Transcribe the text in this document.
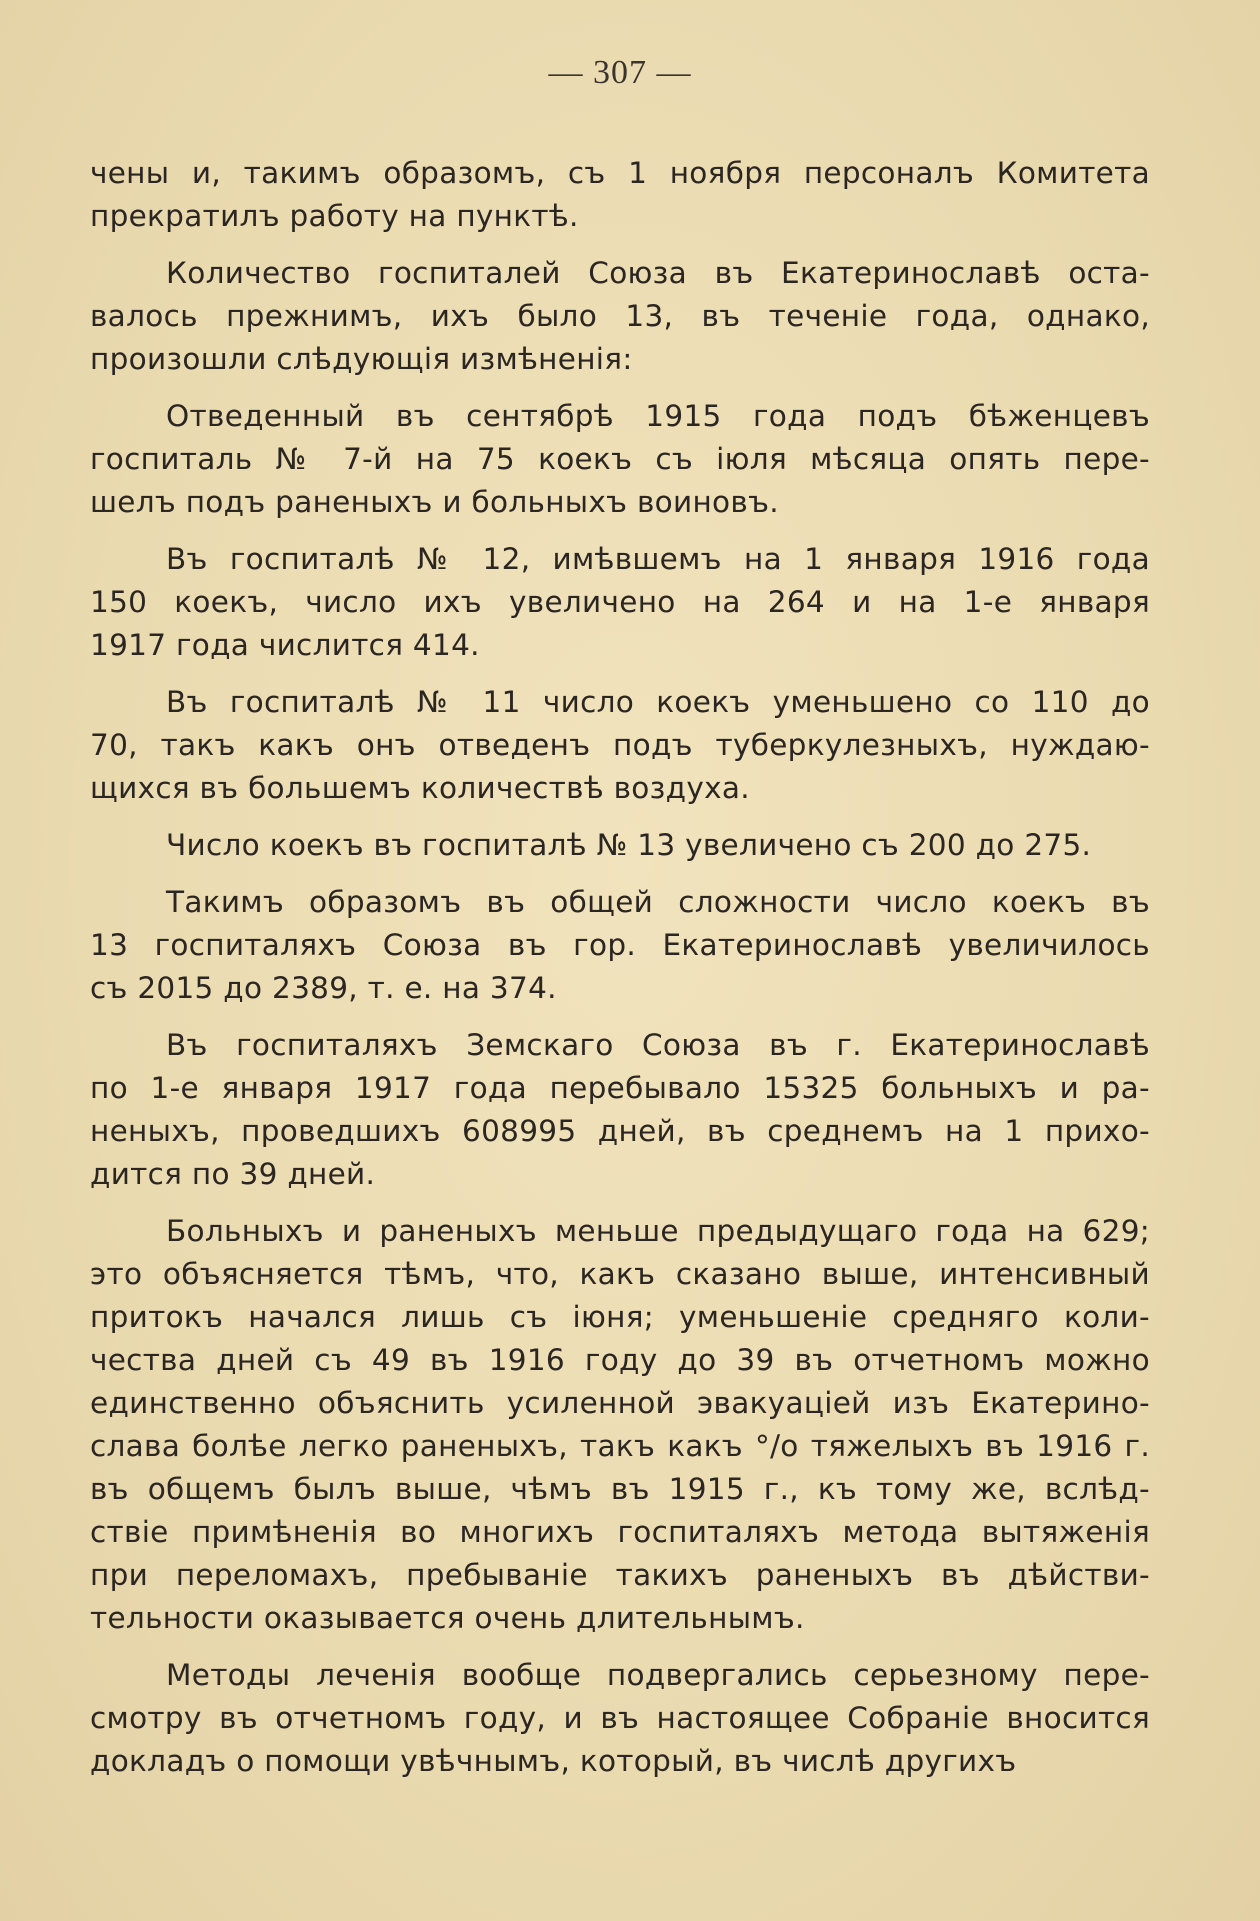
— 307 —
чены и, такимъ образомъ, съ 1 ноября персоналъ Комитета
прекратилъ работу на пунктѣ.
Количество госпиталей Союза въ Екатеринославѣ оста-
валось прежнимъ, ихъ было 13, въ теченіе года, однако,
произошли слѣдующія измѣненія:
Отведенный въ сентябрѣ 1915 года подъ бѣженцевъ
госпиталь № 7-й на 75 коекъ съ іюля мѣсяца опять пере-
шелъ подъ раненыхъ и больныхъ воиновъ.
Въ госпиталѣ № 12, имѣвшемъ на 1 января 1916 года
150 коекъ, число ихъ увеличено на 264 и на 1-е января
1917 года числится 414.
Въ госпиталѣ № 11 число коекъ уменьшено со 110 до
70, такъ какъ онъ отведенъ подъ туберкулезныхъ, нуждаю-
щихся въ большемъ количествѣ воздуха.
Число коекъ въ госпиталѣ № 13 увеличено съ 200 до 275.
Такимъ образомъ въ общей сложности число коекъ въ
13 госпиталяхъ Союза въ гор. Екатеринославѣ увеличилось
съ 2015 до 2389, т. е. на 374.
Въ госпиталяхъ Земскаго Союза въ г. Екатеринославѣ
по 1-е января 1917 года перебывало 15325 больныхъ и ра-
неныхъ, проведшихъ 608995 дней, въ среднемъ на 1 прихо-
дится по 39 дней.
Больныхъ и раненыхъ меньше предыдущаго года на 629;
это объясняется тѣмъ, что, какъ сказано выше, интенсивный
притокъ начался лишь съ іюня; уменьшеніе средняго коли-
чества дней съ 49 въ 1916 году до 39 въ отчетномъ можно
единственно объяснить усиленной эвакуаціей изъ Екатерино-
слава болѣе легко раненыхъ, такъ какъ °/о тяжелыхъ въ 1916 г.
въ общемъ былъ выше, чѣмъ въ 1915 г., къ тому же, вслѣд-
ствіе примѣненія во многихъ госпиталяхъ метода вытяженія
при переломахъ, пребываніе такихъ раненыхъ въ дѣйстви-
тельности оказывается очень длительнымъ.
Методы леченія вообще подвергались серьезному пере-
смотру въ отчетномъ году, и въ настоящее Собраніе вносится
докладъ о помощи увѣчнымъ, который, въ числѣ другихъ
